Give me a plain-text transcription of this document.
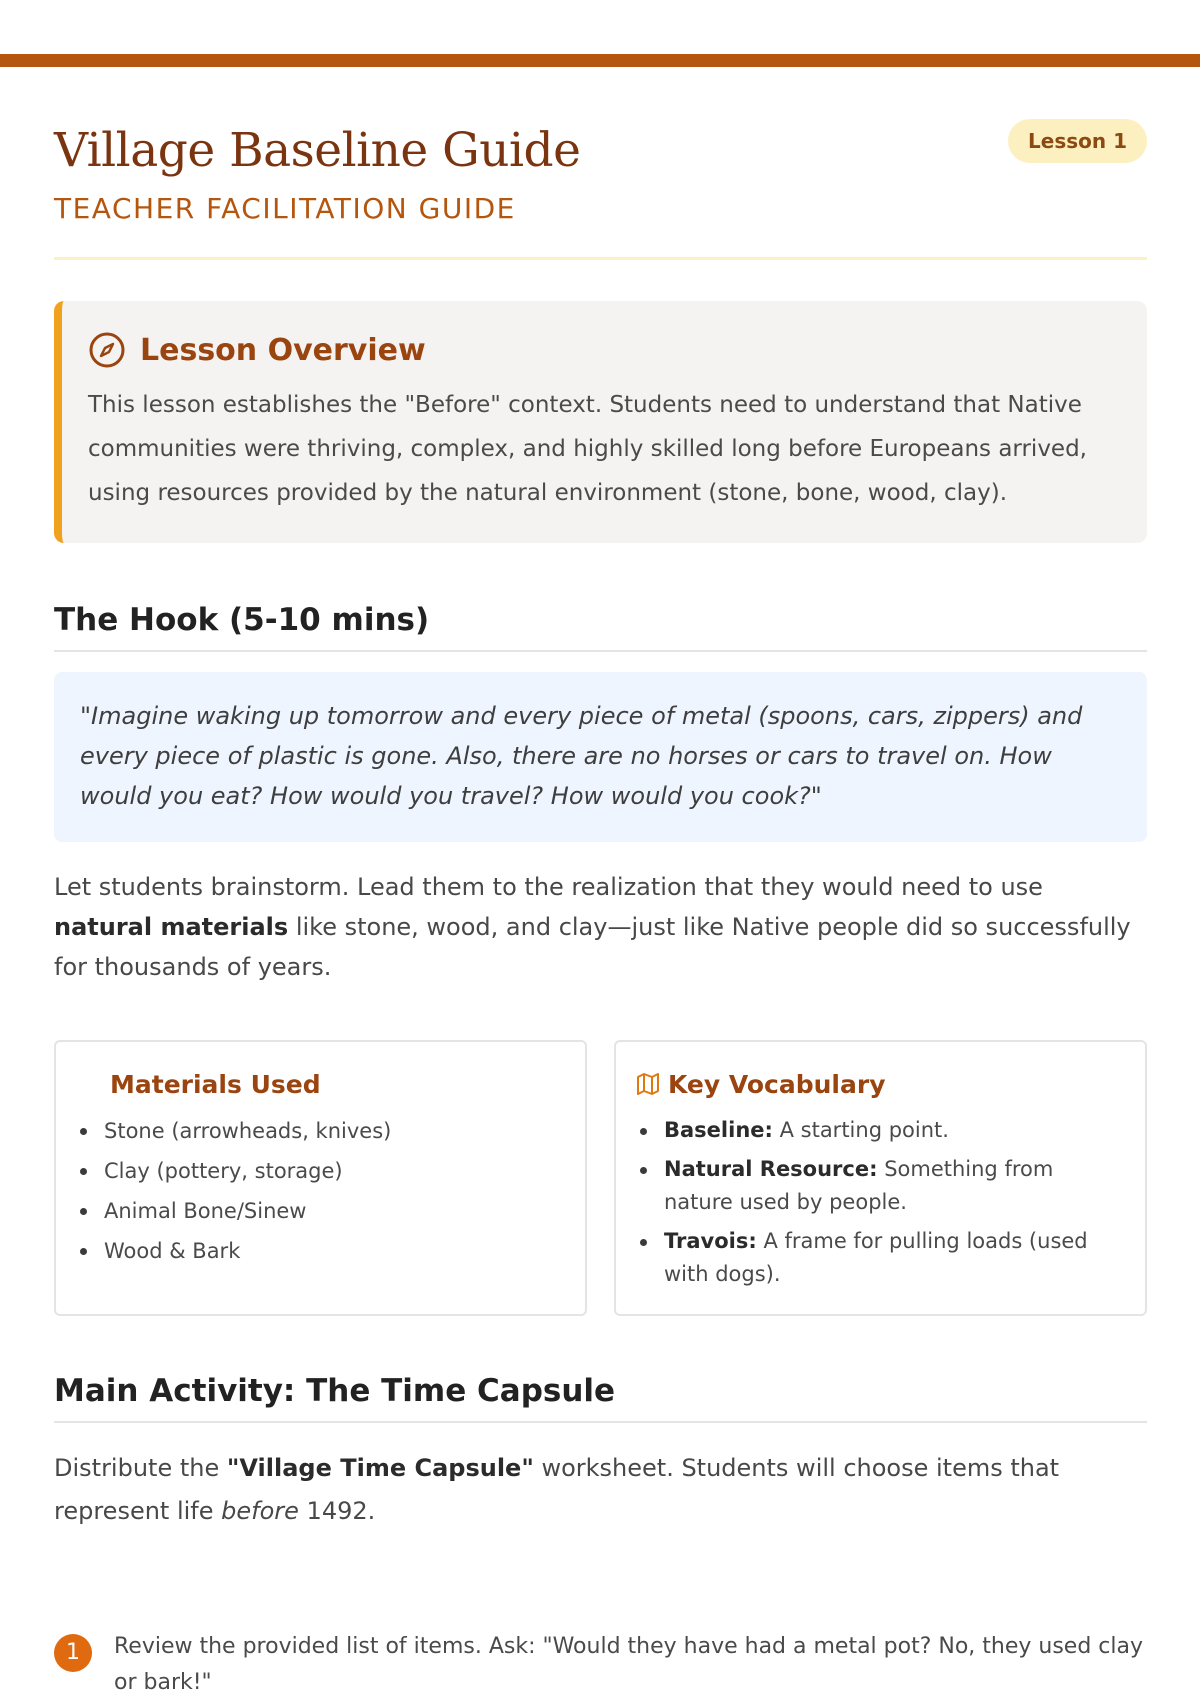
Village Baseline Guide
TEACHER FACILITATION GUIDE
Lesson 1
Lesson Overview

This lesson establishes the "Before" context. Students need to understand that Native communities were thriving, complex, and highly skilled long before Europeans arrived, using resources provided by the natural environment (stone, bone, wood, clay).

The Hook (5-10 mins)
"Imagine waking up tomorrow and every piece of metal (spoons, cars, zippers) and every piece of plastic is gone. Also, there are no horses or cars to travel on. How would you eat? How would you travel? How would you cook?"

Let students brainstorm. Lead them to the realization that they would need to use natural materials like stone, wood, and clay—just like Native people did so successfully for thousands of years.

Materials Used
Stone (arrowheads, knives)
Clay (pottery, storage)
Animal Bone/Sinew
Wood & Bark
Key Vocabulary
Baseline: A starting point.
Natural Resource: Something from nature used by people.
Travois: A frame for pulling loads (used with dogs).
Main Activity: The Time Capsule

Distribute the "Village Time Capsule" worksheet. Students will choose items that represent life before 1492.

1	Review the provided list of items. Ask: "Would they have had a metal pot? No, they used clay or bark!"
